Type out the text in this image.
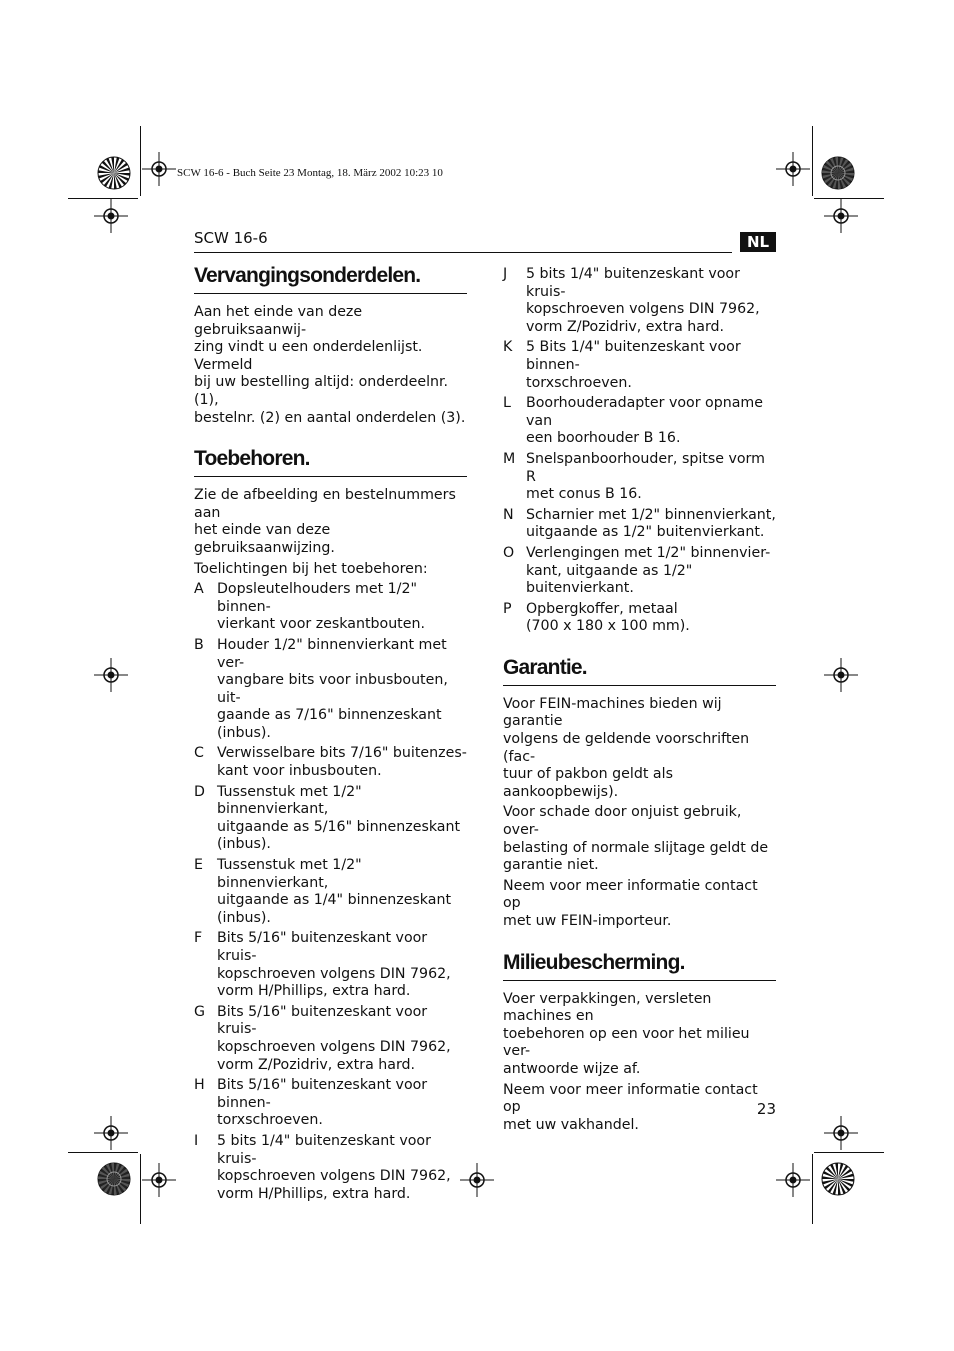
SCW 16-6 - Buch Seite 23 Montag, 18. März 2002 10:23 10
SCW 16-6	NL
Vervangingsonderdelen.

Aan het einde van deze gebruiksaanwij-
zing vindt u een onderdelenlijst. Vermeld
bij uw bestelling altijd: onderdeelnr. (1),
bestelnr. (2) en aantal onderdelen (3).

Toebehoren.

Zie de afbeelding en bestelnummers aan
het einde van deze gebruiksaanwijzing.

Toelichtingen bij het toebehoren:

A Dopsleutelhouders met 1/2" binnen-
vierkant voor zeskantbouten.
B Houder 1/2" binnenvierkant met ver-
vangbare bits voor inbusbouten, uit-
gaande as 7/16" binnenzeskant (inbus).
C Verwisselbare bits 7/16" buitenzes-
kant voor inbusbouten.
D Tussenstuk met 1/2" binnenvierkant,
uitgaande as 5/16" binnenzeskant
(inbus).
E Tussenstuk met 1/2" binnenvierkant,
uitgaande as 1/4" binnenzeskant
(inbus).
F	Bits 5/16" buitenzeskant voor kruis-
kopschroeven volgens DIN 7962,
vorm H/Phillips, extra hard.
G Bits 5/16" buitenzeskant voor kruis-
kopschroeven volgens DIN 7962,
vorm Z/Pozidriv, extra hard.
H Bits 5/16" buitenzeskant voor binnen-
torxschroeven.
I	5 bits 1/4" buitenzeskant voor kruis-
kopschroeven volgens DIN 7962,
vorm H/Phillips, extra hard.
J	5 bits 1/4" buitenzeskant voor kruis-
kopschroeven volgens DIN 7962,
vorm Z/Pozidriv, extra hard.
K 5 Bits 1/4" buitenzeskant voor binnen-
torxschroeven.
L	Boorhouderadapter voor opname van
een boorhouder B 16.
M Snelspanboorhouder, spitse vorm R
met conus B 16.
N Scharnier met 1/2" binnenvierkant,
uitgaande as 1/2" buitenvierkant.
O Verlengingen met 1/2" binnenvier-
kant, uitgaande as 1/2" buitenvierkant.
P	Opbergkoffer, metaal
(700 x 180 x 100 mm).
Garantie.

Voor FEIN-machines bieden wij garantie
volgens de geldende voorschriften (fac-
tuur of pakbon geldt als aankoopbewijs).

Voor schade door onjuist gebruik, over-
belasting of normale slijtage geldt de
garantie niet.

Neem voor meer informatie contact op
met uw FEIN-importeur.

Milieubescherming.

Voer verpakkingen, versleten machines en
toebehoren op een voor het milieu ver-
antwoorde wijze af.

Neem voor meer informatie contact op
met uw vakhandel.

23
